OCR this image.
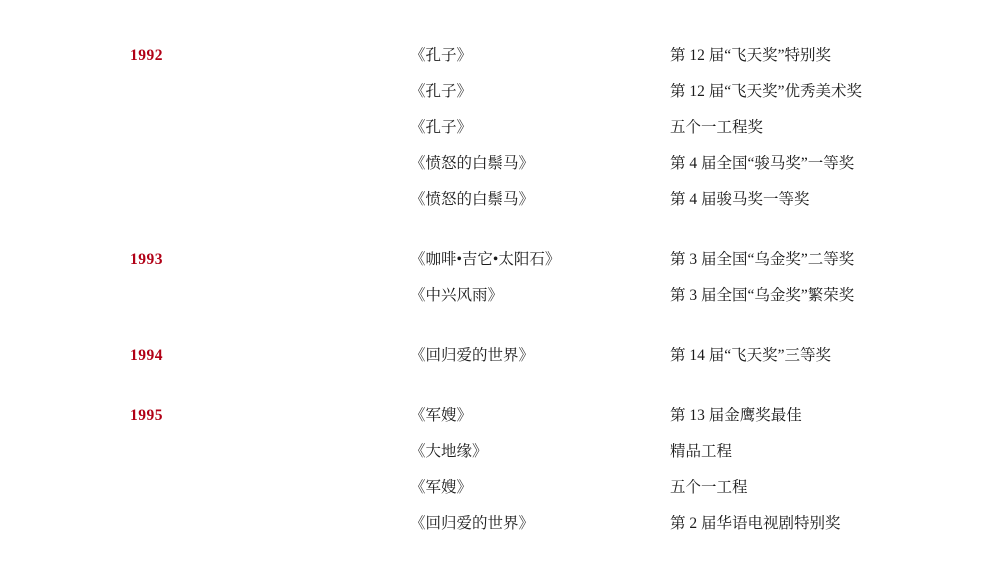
1992	《孔子》	第 12 届“飞天奖”特别奖
	《孔子》	第 12 届“飞天奖”优秀美术奖
	《孔子》	五个一工程奖
	《愤怒的白鬃马》	第 4 届全国“骏马奖”一等奖
	《愤怒的白鬃马》	第 4 届骏马奖一等奖

1993	《咖啡•吉它•太阳石》	第 3 届全国“乌金奖”二等奖
	《中兴风雨》	第 3 届全国“乌金奖”繁荣奖

1994	《回归爱的世界》	第 14 届“飞天奖”三等奖

1995	《军嫂》	第 13 届金鹰奖最佳
	《大地缘》	精品工程
	《军嫂》	五个一工程
	《回归爱的世界》	第 2 届华语电视剧特别奖
